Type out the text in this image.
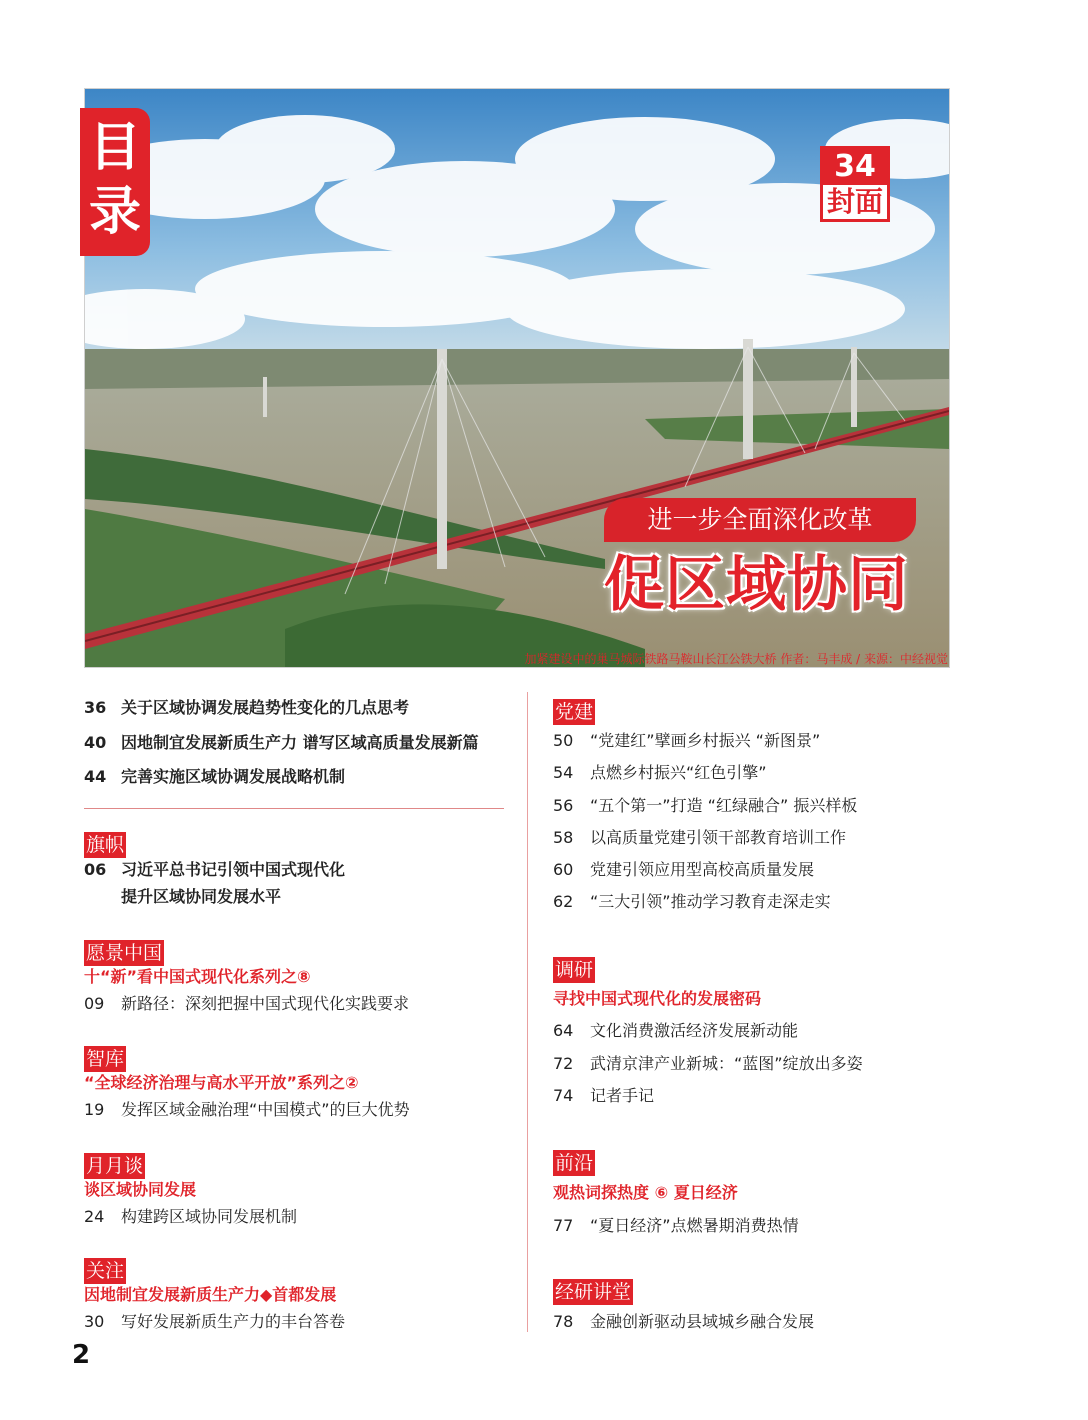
目
录
34
封面
进一步全面深化改革
促区域协同
加紧建设中的巢马城际铁路马鞍山长江公铁大桥 作者：马丰成 / 来源：中经视觉
36 关于区域协调发展趋势性变化的几点思考
40 因地制宜发展新质生产力 谱写区域高质量发展新篇
44 完善实施区域协调发展战略机制
旗帜
06 习近平总书记引领中国式现代化
提升区域协同发展水平
愿景中国
十“新”看中国式现代化系列之⑧
09 新路径：深刻把握中国式现代化实践要求
智库
“全球经济治理与高水平开放”系列之②
19 发挥区域金融治理“中国模式”的巨大优势
月月谈
谈区域协同发展
24 构建跨区域协同发展机制
关注
因地制宜发展新质生产力◆首都发展
30 写好发展新质生产力的丰台答卷
党建
50 “党建红”擘画乡村振兴 “新图景”
54 点燃乡村振兴“红色引擎”
56 “五个第一”打造 “红绿融合” 振兴样板
58 以高质量党建引领干部教育培训工作
60 党建引领应用型高校高质量发展
62 “三大引领”推动学习教育走深走实
调研
寻找中国式现代化的发展密码
64 文化消费激活经济发展新动能
72 武清京津产业新城：“蓝图”绽放出多姿
74 记者手记
前沿
观热词探热度 ⑥ 夏日经济
77 “夏日经济”点燃暑期消费热情
经研讲堂
78 金融创新驱动县域城乡融合发展
2
